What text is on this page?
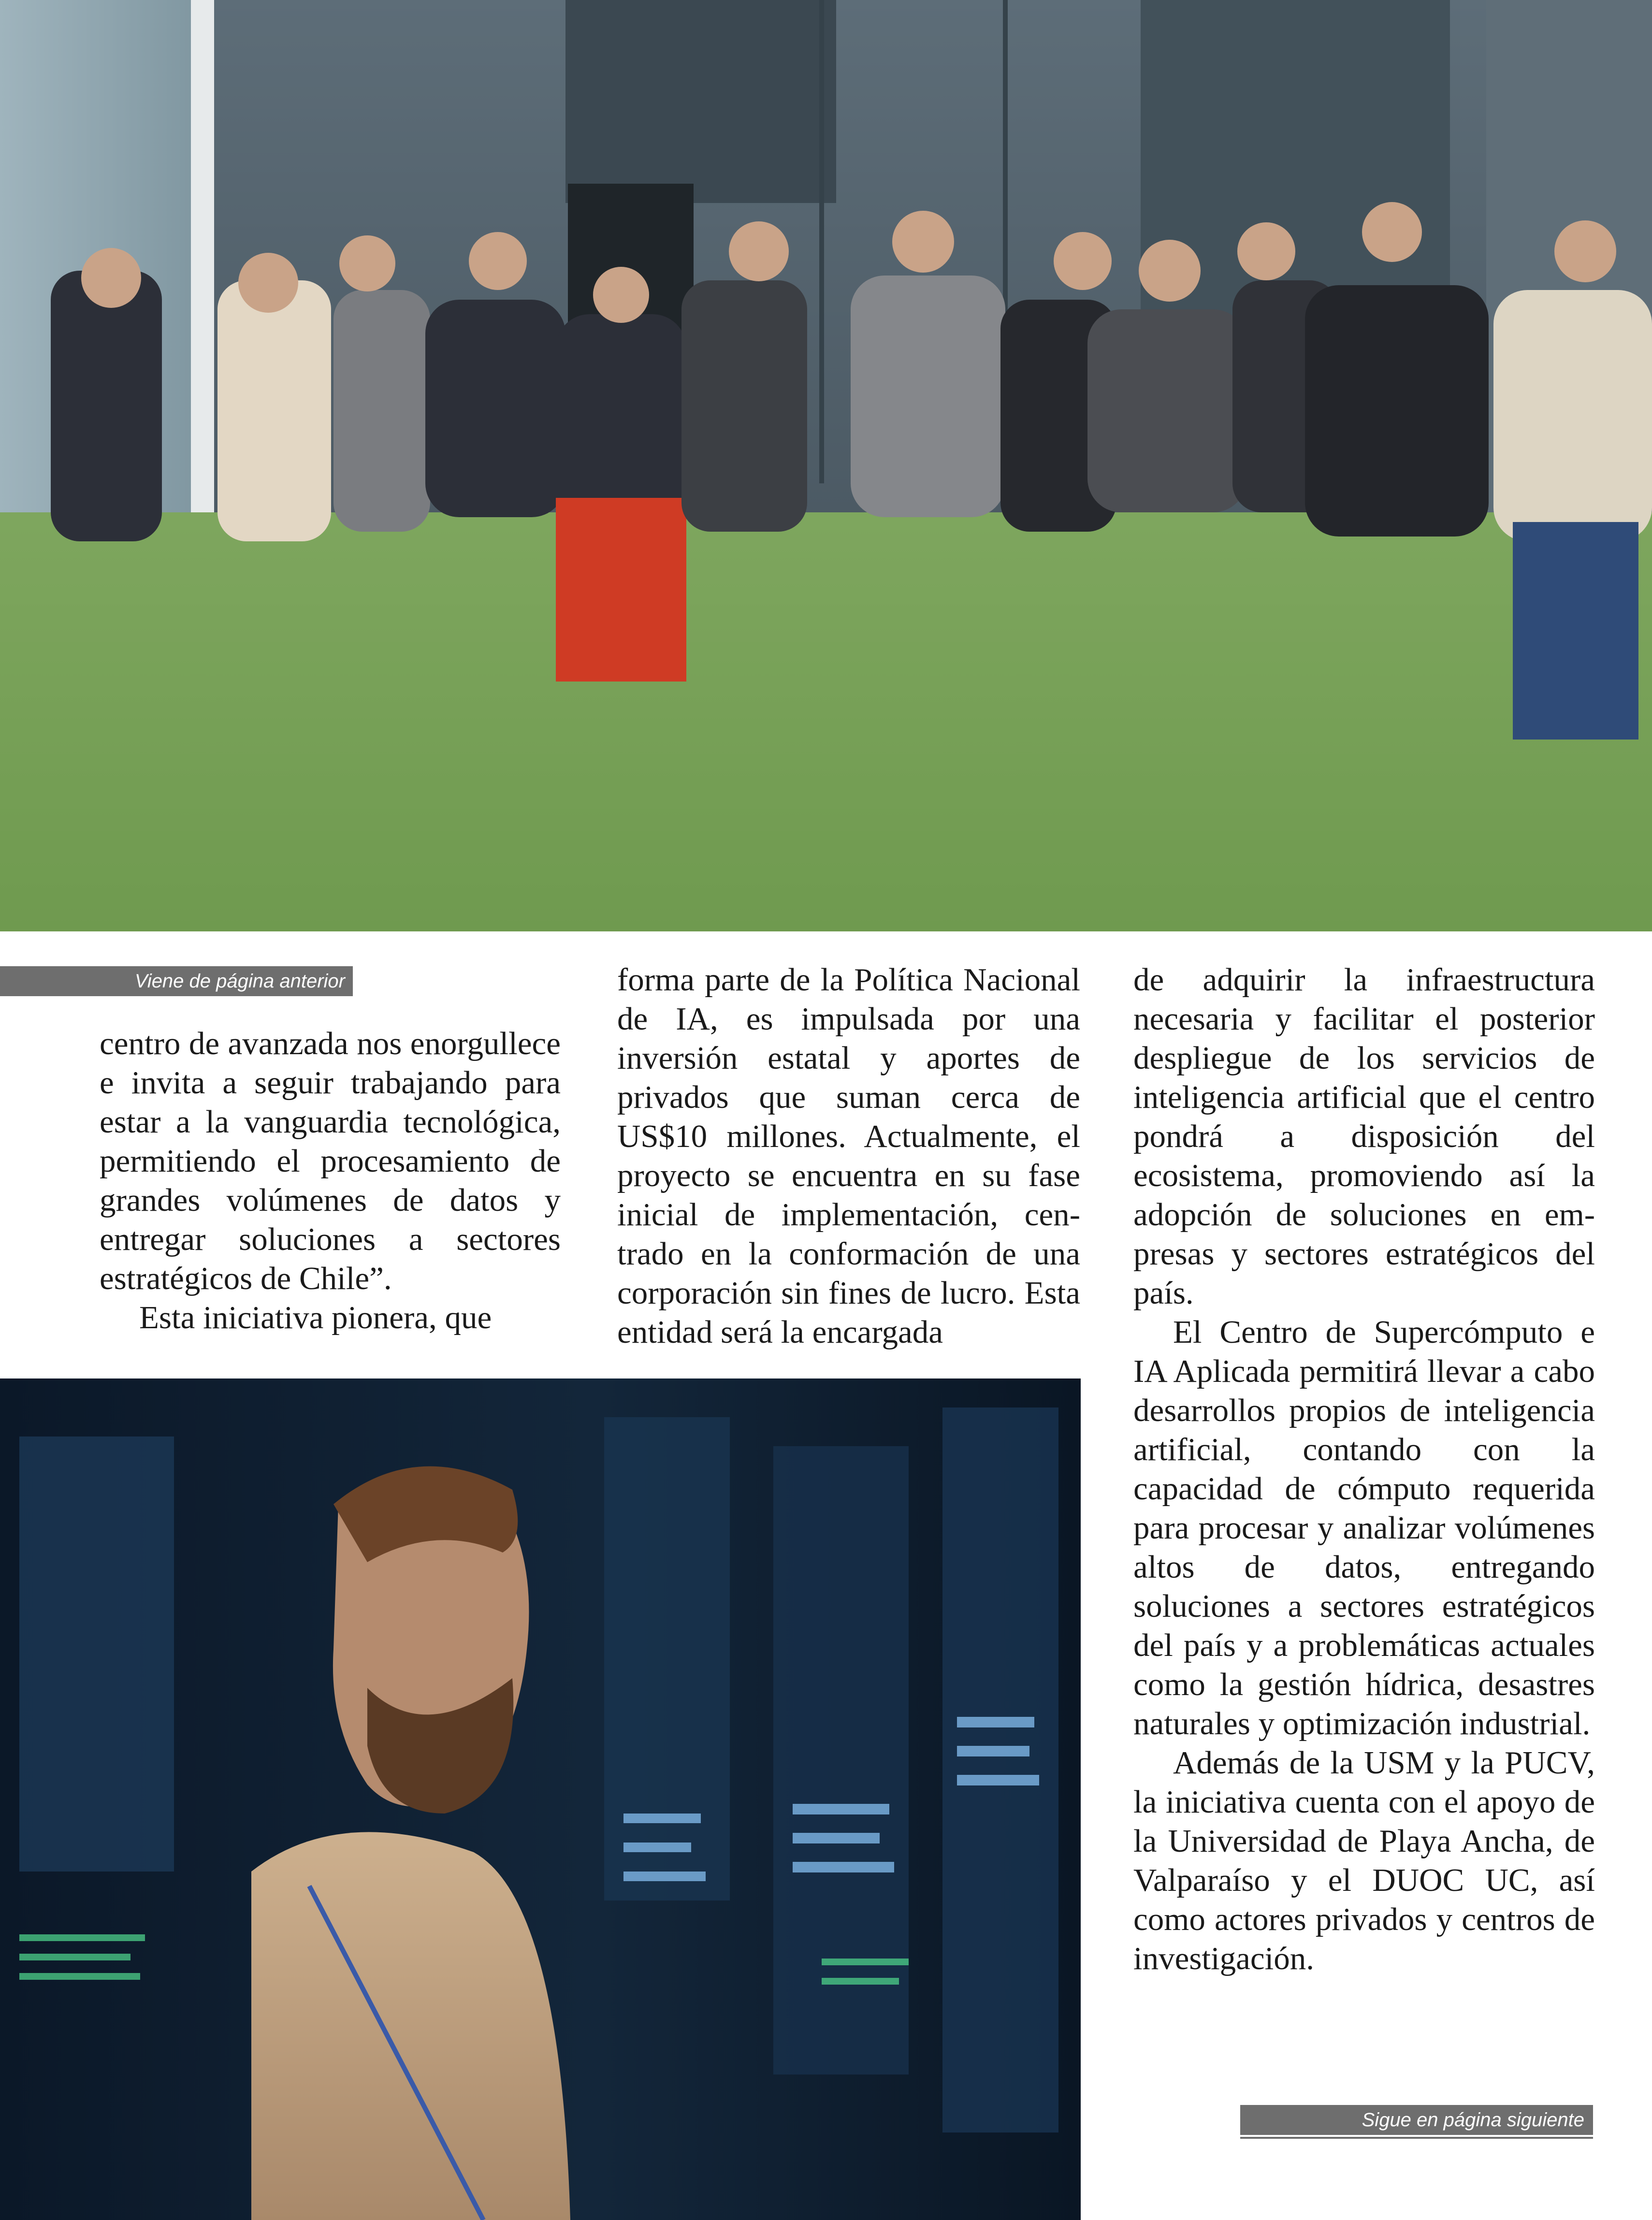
Viene de página anterior

centro de avanzada nos enorgullece e invita a seguir trabajando para estar a la vanguardia tecnológica, permitiendo el procesamiento de grandes volúmenes de datos y entregar soluciones a sectores estratégicos de Chile”.

Esta iniciativa pionera, que

forma parte de la Política Nacional de IA, es impulsada por una inversión estatal y aportes de privados que suman cerca de US$10 millones. Actualmente, el proyecto se encuentra en su fase inicial de implementación, centrado en la conformación de una corporación sin fines de lucro. Esta entidad será la encargada

de adquirir la infraestructura necesaria y facilitar el posterior despliegue de los servicios de inteligencia artificial que el centro pondrá a disposición del ecosistema, promoviendo así la adopción de soluciones en empresas y sectores estratégicos del país.

El Centro de Supercómputo e IA Aplicada permitirá llevar a cabo desarrollos propios de inteligencia artificial, contando con la capacidad de cómputo requerida para procesar y analizar volúmenes altos de datos, entregando soluciones a sectores estratégicos del país y a problemáticas actuales como la gestión hídrica, desastres naturales y optimización industrial.

Además de la USM y la PUCV, la iniciativa cuenta con el apoyo de la Universidad de Playa Ancha, de Valparaíso y el DUOC UC, así como actores privados y centros de investigación.

Sigue en página siguiente
